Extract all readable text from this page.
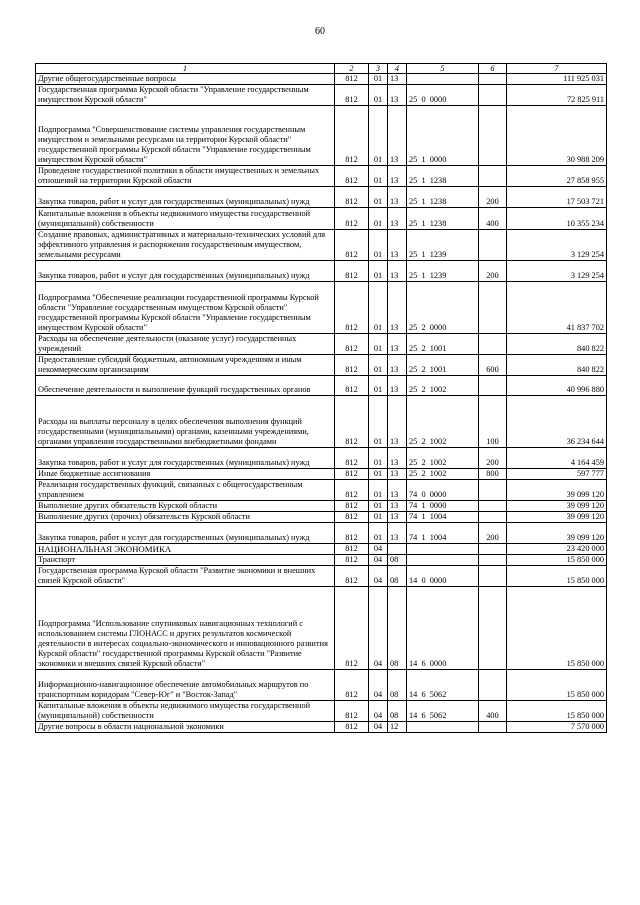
60
1	2	3	4	5	6	7
Другие общегосударственные вопросы	812	01	13			111 925 031
Государственная программа Курской области "Управление государственным имуществом Курской области"	812	01	13	25  0  0000		72 825 911
Подпрограмма "Совершенствование системы управления государственным имуществом и земельными ресурсами на территории Курской области" государственной программы Курской области "Управление государственным имуществом Курской области"	812	01	13	25  1  0000		30 988 209
Проведение государственной политики в области имущественных и земельных отношений на территории Курской области	812	01	13	25  1  1238		27 858 955
Закупка товаров, работ и услуг для государственных (муниципальных) нужд	812	01	13	25  1  1238	200	17 503 721
Капитальные вложения в объекты недвижимого имущества государственной (муниципальной) собственности	812	01	13	25  1  1238	400	10 355 234
Создание правовых, административных и материально-технических условий для эффективного управления и распоряжения государственным имуществом, земельными ресурсами	812	01	13	25  1  1239		3 129 254
Закупка товаров, работ и услуг для государственных (муниципальных) нужд	812	01	13	25  1  1239	200	3 129 254
Подпрограмма "Обеспечение реализации государственной программы Курской области "Управление государственным имуществом Курской области" государственной программы Курской области "Управление государственным имуществом Курской области"	812	01	13	25  2  0000		41 837 702
Расходы на обеспечение деятельности (оказание услуг) государственных учреждений	812	01	13	25  2  1001		840 822
Предоставление субсидий бюджетным, автономным учреждениям и иным некоммерческим организациям	812	01	13	25  2  1001	600	840 822
Обеспечение деятельности и выполнение функций государственных органов	812	01	13	25  2  1002		40 996 880
Расходы на выплаты персоналу в целях обеспечения выполнения функций государственными (муниципальными) органами, казенными учреждениями, органами управления государственными внебюджетными фондами	812	01	13	25  2  1002	100	36 234 644
Закупка товаров, работ и услуг для государственных (муниципальных) нужд	812	01	13	25  2  1002	200	4 164 459
Иные бюджетные ассигнования	812	01	13	25  2  1002	800	597 777
Реализация государственных функций, связанных с общегосударственным управлением	812	01	13	74  0  0000		39 099 120
Выполнение других обязательств Курской области	812	01	13	74  1  0000		39 099 120
Выполнение других (прочих) обязательств Курской области	812	01	13	74  1  1004		39 099 120
Закупка товаров, работ и услуг для государственных (муниципальных) нужд	812	01	13	74  1  1004	200	39 099 120
НАЦИОНАЛЬНАЯ ЭКОНОМИКА	812	04				23 420 000
Транспорт	812	04	08			15 850 000
Государственная программа Курской области "Развитие экономики и внешних связей Курской области"	812	04	08	14  0  0000		15 850 000
Подпрограмма "Использование спутниковых навигационных технологий с использованием системы ГЛОНАСС и других результатов космической деятельности в интересах социально-экономического и инновационного развития Курской области" государственной программы Курской области "Развитие экономики и внешних связей Курской области"	812	04	08	14  6  0000		15 850 000
Информационно-навигационное обеспечение автомобильных маршрутов по транспортным коридорам "Север-Юг" и "Восток-Запад"	812	04	08	14  6  5062		15 850 000
Капитальные вложения в объекты недвижимого имущества государственной (муниципальной) собственности	812	04	08	14  6  5062	400	15 850 000
Другие вопросы в области национальной экономики	812	04	12			7 570 000
